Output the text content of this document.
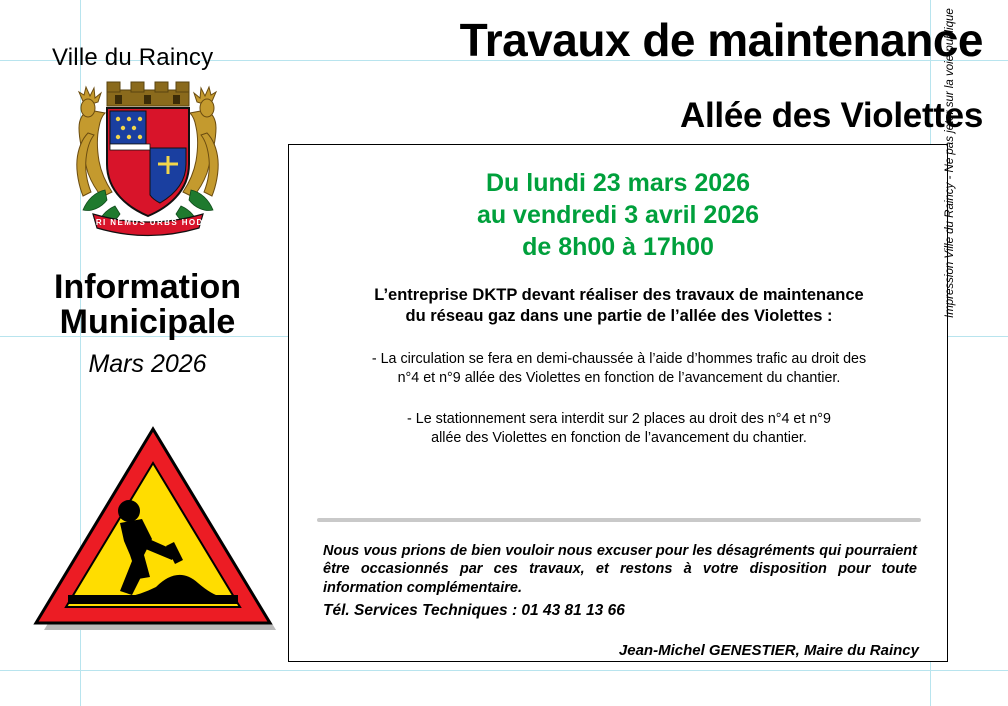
Ville du Raincy
HERI NEMUS URBS HODIE
Information
Municipale
Mars 2026
Travaux de maintenance
Allée des Violettes
Du lundi 23 mars 2026
au vendredi 3 avril 2026
de 8h00 à 17h00
L’entreprise DKTP devant réaliser des travaux de maintenance
du réseau gaz dans une partie de l’allée des Violettes :
- La circulation se fera en demi-chaussée à l’aide d’hommes trafic au droit des
n°4 et n°9 allée des Violettes en fonction de l’avancement du chantier.
- Le stationnement sera interdit sur 2 places au droit des n°4 et n°9
allée des Violettes en fonction de l’avancement du chantier.
Nous vous prions de bien vouloir nous excuser pour les désagréments qui pourraient être occasionnés par ces travaux, et restons à votre disposition pour toute information complémentaire.
Tél. Services Techniques : 01 43 81 13 66
Jean-Michel GENESTIER, Maire du Raincy
Impression Ville du Raincy - Ne pas jeter sur la voie publique
